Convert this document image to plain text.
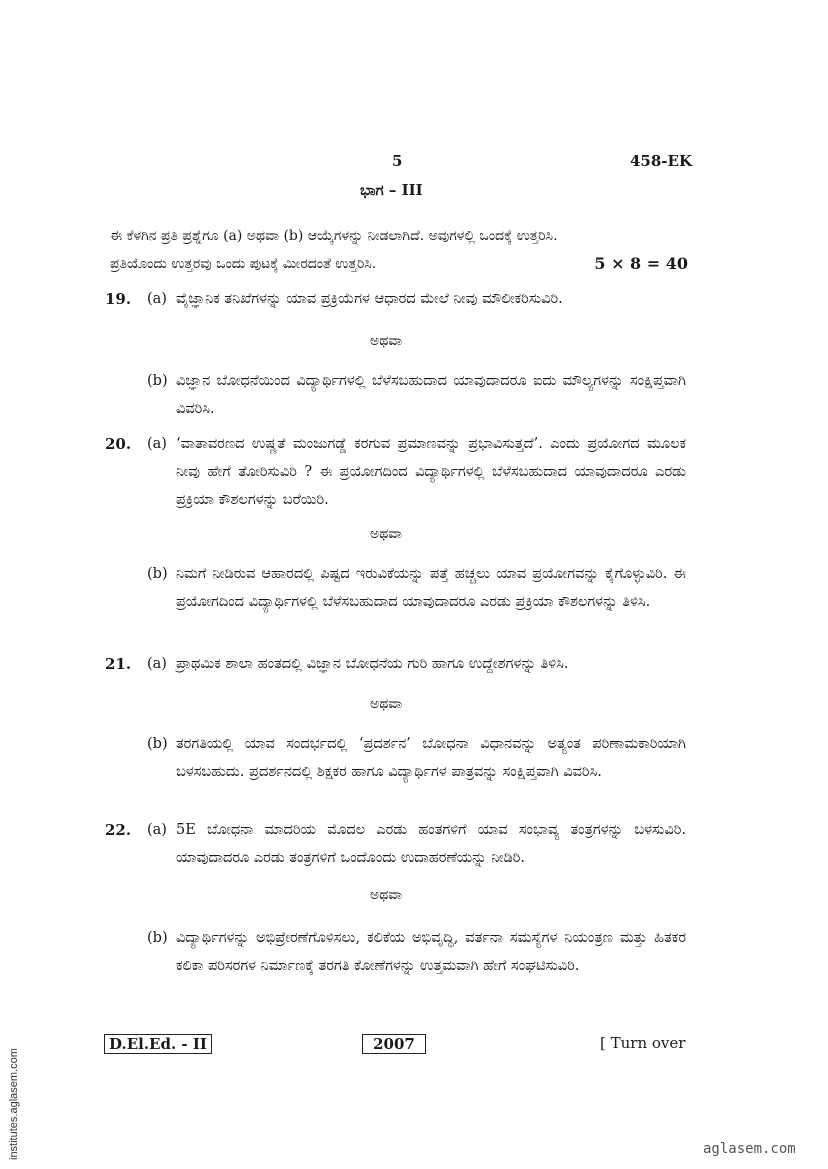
5	458-EK
ಭಾಗ – III
ಈ ಕೆಳಗಿನ ಪ್ರತಿ ಪ್ರಶ್ನೆಗೂ (a) ಅಥವಾ (b) ಆಯ್ಕೆಗಳನ್ನು ನೀಡಲಾಗಿದೆ. ಅವುಗಳಲ್ಲಿ ಒಂದಕ್ಕೆ ಉತ್ತರಿಸಿ.
ಪ್ರತಿಯೊಂದು ಉತ್ತರವು ಒಂದು ಪುಟಕ್ಕೆ ಮೀರದಂತೆ ಉತ್ತರಿಸಿ.	5 × 8 = 40
19. (a) ವೈಜ್ಞಾನಿಕ ತನಿಖೆಗಳನ್ನು ಯಾವ ಪ್ರಕ್ರಿಯೆಗಳ ಆಧಾರದ ಮೇಲೆ ನೀವು ಮೌಲೀಕರಿಸುವಿರಿ.
ಅಥವಾ
(b) ವಿಜ್ಞಾನ ಬೋಧನೆಯಿಂದ ವಿದ್ಯಾರ್ಥಿಗಳಲ್ಲಿ ಬೆಳೆಸಬಹುದಾದ ಯಾವುದಾದರೂ ಐದು ಮೌಲ್ಯಗಳನ್ನು ಸಂಕ್ಷಿಪ್ತವಾಗಿ ವಿವರಿಸಿ.
20. (a) ‘ವಾತಾವರಣದ ಉಷ್ಣತೆ ಮಂಜುಗಡ್ಡೆ ಕರಗುವ ಪ್ರಮಾಣವನ್ನು ಪ್ರಭಾವಿಸುತ್ತದೆ’. ಎಂದು ಪ್ರಯೋಗದ ಮೂಲಕ ನೀವು ಹೇಗೆ ತೋರಿಸುವಿರಿ ? ಈ ಪ್ರಯೋಗದಿಂದ ವಿದ್ಯಾರ್ಥಿಗಳಲ್ಲಿ ಬೆಳೆಸಬಹುದಾದ ಯಾವುದಾದರೂ ಎರಡು ಪ್ರಕ್ರಿಯಾ ಕೌಶಲಗಳನ್ನು ಬರೆಯಿರಿ.
ಅಥವಾ
(b) ನಿಮಗೆ ನೀಡಿರುವ ಆಹಾರದಲ್ಲಿ ಪಿಷ್ಟದ ಇರುವಿಕೆಯನ್ನು ಪತ್ತೆ ಹಚ್ಚಲು ಯಾವ ಪ್ರಯೋಗವನ್ನು ಕೈಗೊಳ್ಳುವಿರಿ. ಈ ಪ್ರಯೋಗದಿಂದ ವಿದ್ಯಾರ್ಥಿಗಳಲ್ಲಿ ಬೆಳೆಸಬಹುದಾದ ಯಾವುದಾದರೂ ಎರಡು ಪ್ರಕ್ರಿಯಾ ಕೌಶಲಗಳನ್ನು ತಿಳಿಸಿ.
21. (a) ಪ್ರಾಥಮಿಕ ಶಾಲಾ ಹಂತದಲ್ಲಿ ವಿಜ್ಞಾನ ಬೋಧನೆಯ ಗುರಿ ಹಾಗೂ ಉದ್ದೇಶಗಳನ್ನು ತಿಳಿಸಿ.
ಅಥವಾ
(b) ತರಗತಿಯಲ್ಲಿ ಯಾವ ಸಂದರ್ಭದಲ್ಲಿ ‘ಪ್ರದರ್ಶನ’ ಬೋಧನಾ ವಿಧಾನವನ್ನು ಅತ್ಯಂತ ಪರಿಣಾಮಕಾರಿಯಾಗಿ ಬಳಸಬಹುದು. ಪ್ರದರ್ಶನದಲ್ಲಿ ಶಿಕ್ಷಕರ ಹಾಗೂ ವಿದ್ಯಾರ್ಥಿಗಳ ಪಾತ್ರವನ್ನು ಸಂಕ್ಷಿಪ್ತವಾಗಿ ವಿವರಿಸಿ.
22. (a) 5E ಬೋಧನಾ ಮಾದರಿಯ ಮೊದಲ ಎರಡು ಹಂತಗಳಿಗೆ ಯಾವ ಸಂಭಾವ್ಯ ತಂತ್ರಗಳನ್ನು ಬಳಸುವಿರಿ. ಯಾವುದಾದರೂ ಎರಡು ತಂತ್ರಗಳಿಗೆ ಒಂದೊಂದು ಉದಾಹರಣೆಯನ್ನು ನೀಡಿರಿ.
ಅಥವಾ
(b) ವಿದ್ಯಾರ್ಥಿಗಳನ್ನು ಅಭಿಪ್ರೇರಣೆಗೊಳಿಸಲು, ಕಲಿಕೆಯ ಅಭಿವೃದ್ಧಿ, ವರ್ತನಾ ಸಮಸ್ಯೆಗಳ ನಿಯಂತ್ರಣ ಮತ್ತು ಹಿತಕರ ಕಲಿಕಾ ಪರಿಸರಗಳ ನಿರ್ಮಾಣಕ್ಕೆ ತರಗತಿ ಕೋಣೆಗಳನ್ನು ಉತ್ತಮವಾಗಿ ಹೇಗೆ ಸಂಘಟಿಸುವಿರಿ.
D.El.Ed. - II	2007	[ Turn over
institutes.aglasem.com	aglasem.com
